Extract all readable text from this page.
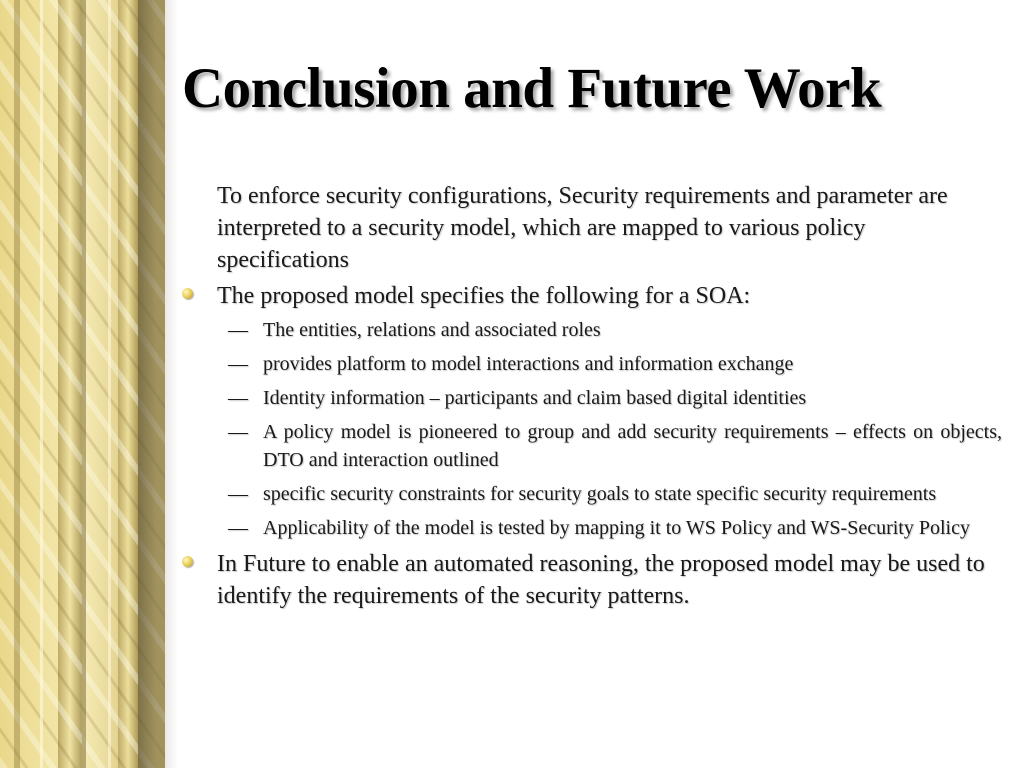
Conclusion and Future Work
To enforce security configurations, Security requirements and parameter are interpreted to a security model, which are mapped to various policy specifications
The proposed model specifies the following for a SOA:
— The entities, relations and associated roles
— provides platform to model interactions and information exchange
— Identity information – participants and claim based digital identities
— A policy model is pioneered to group and add security requirements – effects on objects, DTO and interaction outlined
— specific security constraints for security goals to state specific security requirements
— Applicability of the model is tested by mapping it to WS Policy and WS-Security Policy
In Future to enable an automated reasoning, the proposed model may be used to identify the requirements of the security patterns.
